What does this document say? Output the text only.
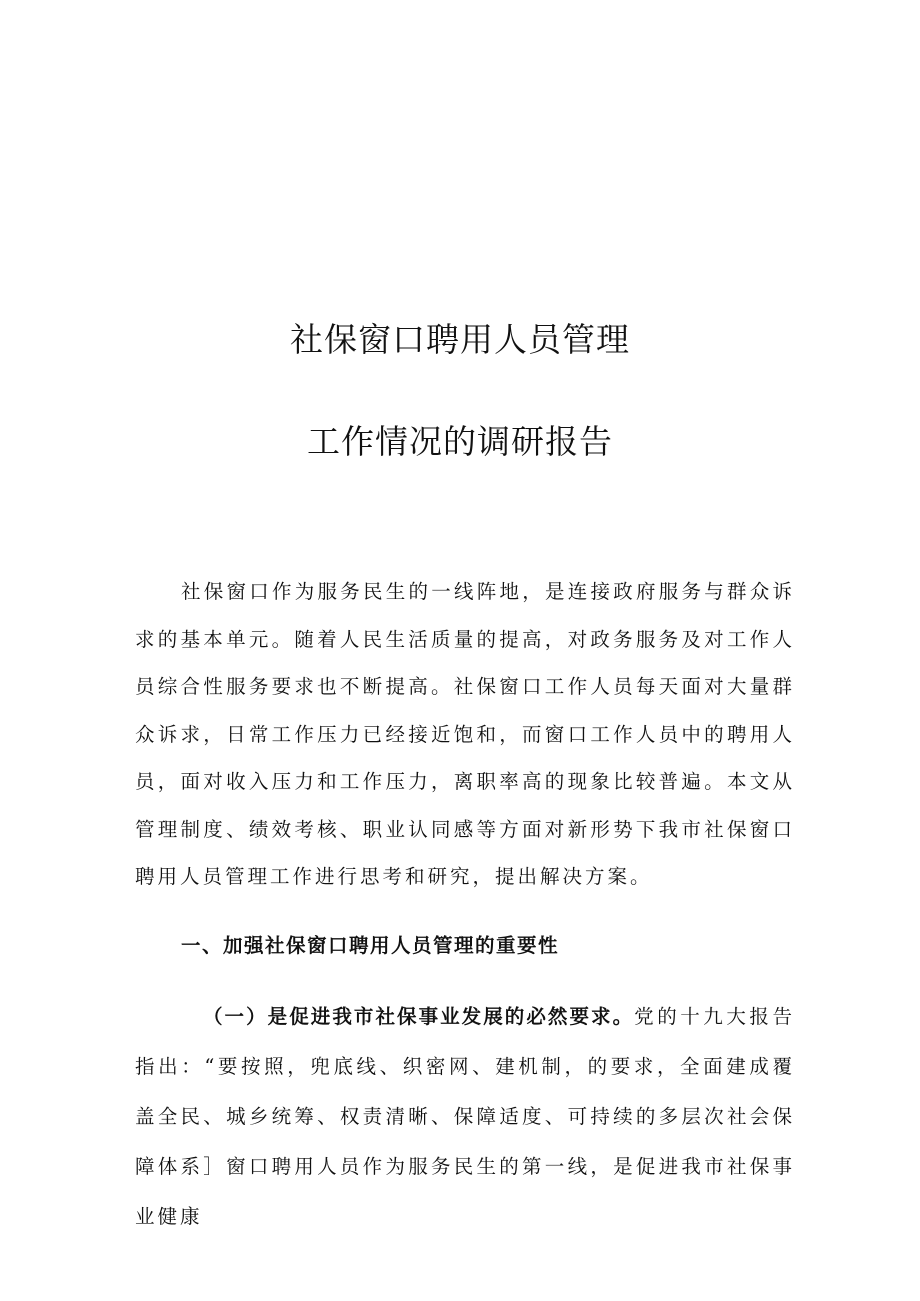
社保窗口聘用人员管理
工作情况的调研报告

社保窗口作为服务民生的一线阵地，是连接政府服务与群众诉求的基本单元。随着人民生活质量的提高，对政务服务及对工作人员综合性服务要求也不断提高。社保窗口工作人员每天面对大量群众诉求，日常工作压力已经接近饱和，而窗口工作人员中的聘用人员，面对收入压力和工作压力，离职率高的现象比较普遍。本文从管理制度、绩效考核、职业认同感等方面对新形势下我市社保窗口聘用人员管理工作进行思考和研究，提出解决方案。

一、加强社保窗口聘用人员管理的重要性

（一）是促进我市社保事业发展的必然要求。党的十九大报告指出：“要按照，兜底线、织密网、建机制，的要求，全面建成覆盖全民、城乡统筹、权责清晰、保障适度、可持续的多层次社会保障体系］窗口聘用人员作为服务民生的第一线，是促进我市社保事业健康
